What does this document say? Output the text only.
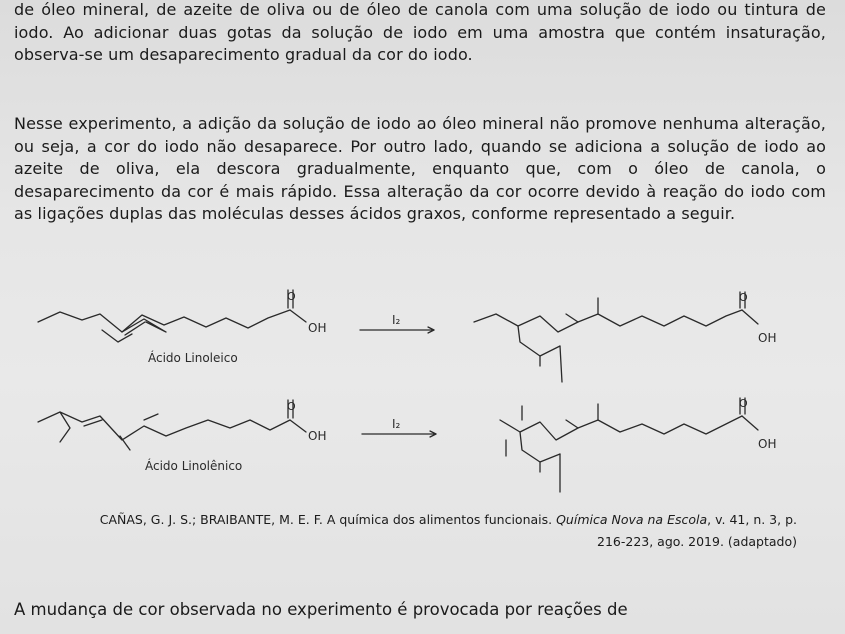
de óleo mineral, de azeite de oliva ou de óleo de canola com uma solução de iodo ou tintura de iodo. Ao adicionar duas gotas da solução de iodo em uma amostra que contém insaturação, observa-se um desaparecimento gradual da cor do iodo.
Nesse experimento, a adição da solução de iodo ao óleo mineral não promove nenhuma alteração, ou seja, a cor do iodo não desaparece. Por outro lado, quando se adiciona a solução de iodo ao azeite de oliva, ela descora gradualmente, enquanto que, com o óleo de canola, o desaparecimento da cor é mais rápido. Essa alteração da cor ocorre devido à reação do iodo com as ligações duplas das moléculas desses ácidos graxos, conforme representado a seguir.
O
OH
Ácido Linoleico
I₂
O
OH
O
OH
Ácido Linolênico
I₂
O
OH
CAÑAS, G. J. S.; BRAIBANTE, M. E. F. A química dos alimentos funcionais. Química Nova na Escola, v. 41, n. 3, p.
216-223, ago. 2019. (adaptado)
A mudança de cor observada no experimento é provocada por reações de
